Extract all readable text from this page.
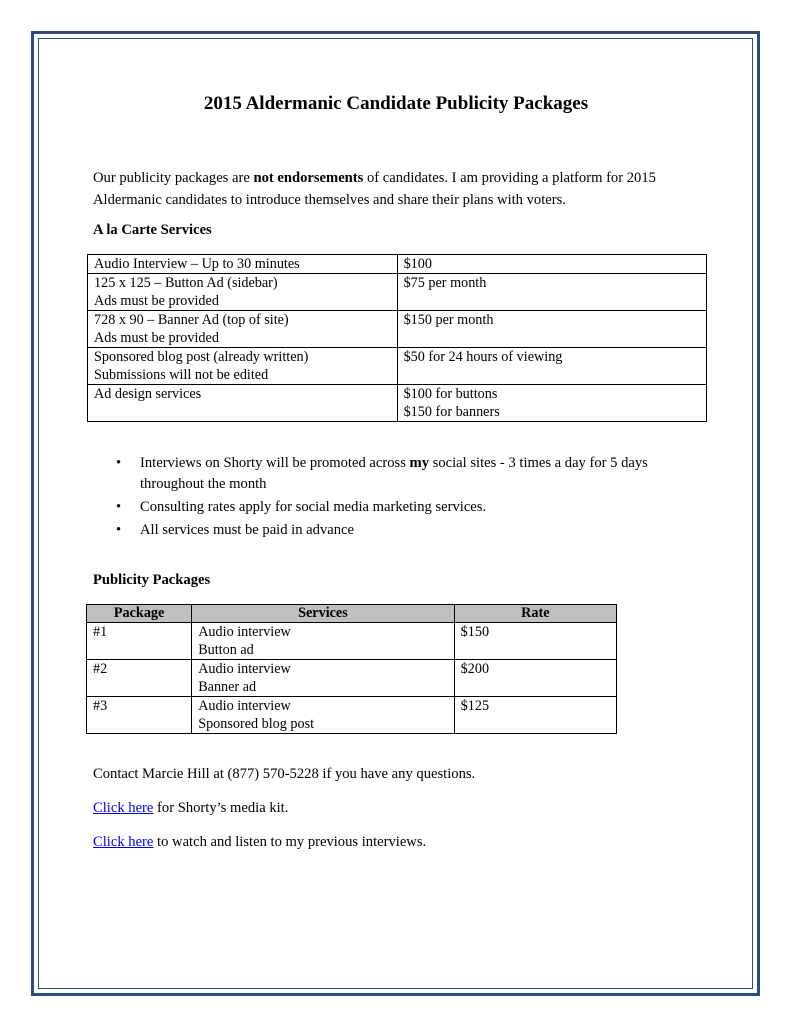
2015 Aldermanic Candidate Publicity Packages

Our publicity packages are not endorsements of candidates. I am providing a platform for 2015 Aldermanic candidates to introduce themselves and share their plans with voters.

A la Carte Services

Audio Interview – Up to 30 minutes	$100

125 x 125 – Button Ad (sidebar)
Ads must be provided	$75 per month

728 x 90 – Banner Ad (top of site)
Ads must be provided	$150 per month

Sponsored blog post (already written)
Submissions will not be edited	$50 for 24 hours of viewing

Ad design services	$100 for buttons
$150 for banners
• Interviews on Shorty will be promoted across my social sites - 3 times a day for 5 days throughout the month
• Consulting rates apply for social media marketing services.
• All services must be paid in advance

Publicity Packages

Package	Services	Rate
#1	Audio interview
Button ad	$150
#2	Audio interview
Banner ad	$200
#3	Audio interview
Sponsored blog post	$125

Contact Marcie Hill at (877) 570-5228 if you have any questions.

Click here for Shorty’s media kit.

Click here to watch and listen to my previous interviews.
